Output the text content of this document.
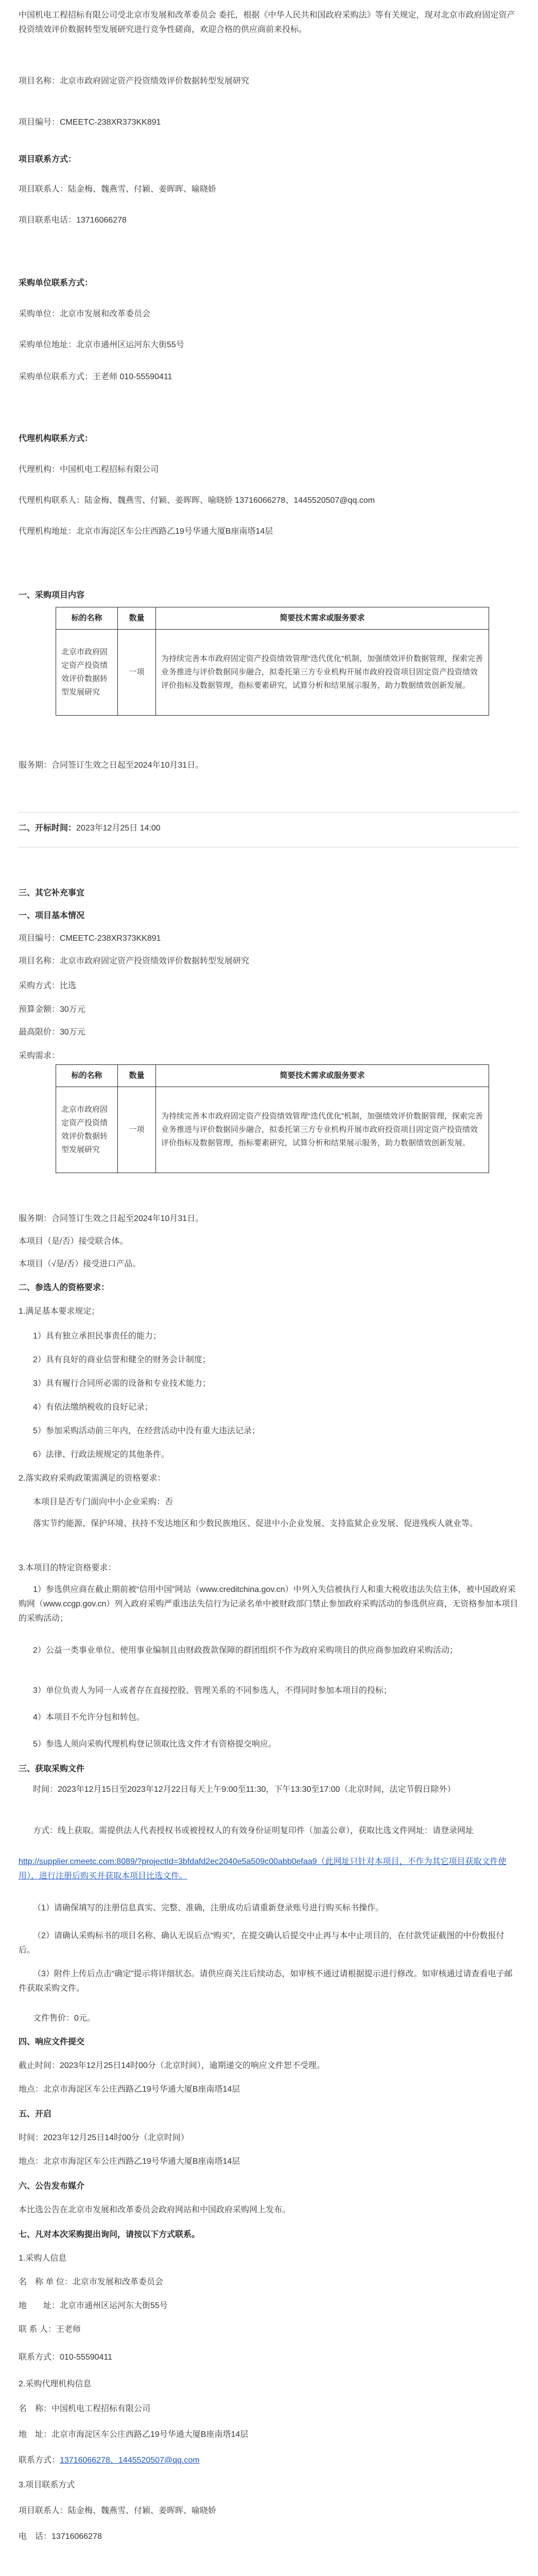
中国机电工程招标有限公司受北京市发展和改革委员会 委托，根据《中华人民共和国政府采购法》等有关规定，现对北京市政府固定资产投资绩效评价数据转型发展研究进行竞争性磋商，欢迎合格的供应商前来投标。
项目名称：北京市政府固定资产投资绩效评价数据转型发展研究
项目编号：CMEETC-238XR373KK891
项目联系方式：
项目联系人：陆金梅、魏燕雪、付颖、姜晖晖、喻晓娇
项目联系电话：13716066278
采购单位联系方式：
采购单位：北京市发展和改革委员会
采购单位地址：北京市通州区运河东大街55号
采购单位联系方式：王老师 010-55590411
代理机构联系方式：
代理机构：中国机电工程招标有限公司
代理机构联系人：陆金梅、魏燕雪、付颖、姜晖晖、喻晓娇 13716066278、1445520507@qq.com
代理机构地址：北京市海淀区车公庄西路乙19号华通大厦B座南塔14层
一、采购项目内容
标的名称	数量	简要技术需求或服务要求
北京市政府固定资产投资绩效评价数据转型发展研究	一项	为持续完善本市政府固定资产投资绩效管理“迭代优化”机制，加强绩效评价数据管理，探索完善业务推进与评价数据同步融合，拟委托第三方专业机构开展市政府投资项目固定资产投资绩效评价指标及数据管理，指标要素研究，试算分析和结果展示服务，助力数据绩效创新发展。
服务期：合同签订生效之日起至2024年10月31日。
二、开标时间：2023年12月25日 14:00
三、其它补充事宜
一、项目基本情况
项目编号：CMEETC-238XR373KK891
项目名称：北京市政府固定资产投资绩效评价数据转型发展研究
采购方式：比选
预算金额：30万元
最高限价：30万元
采购需求：
标的名称	数量	简要技术需求或服务要求
北京市政府固定资产投资绩效评价数据转型发展研究	一项	为持续完善本市政府固定资产投资绩效管理“迭代优化”机制，加强绩效评价数据管理，探索完善业务推进与评价数据同步融合，拟委托第三方专业机构开展市政府投资项目固定资产投资绩效评价指标及数据管理，指标要素研究，试算分析和结果展示服务，助力数据绩效创新发展。
服务期：合同签订生效之日起至2024年10月31日。
本项目（是/否）接受联合体。
本项目（√是/否）接受进口产品。
二、参选人的资格要求：
1.满足基本要求规定；
1）具有独立承担民事责任的能力；
2）具有良好的商业信誉和健全的财务会计制度；
3）具有履行合同所必需的设备和专业技术能力；
4）有依法缴纳税收的良好记录；
5）参加采购活动前三年内，在经营活动中没有重大违法记录；
6）法律、行政法规规定的其他条件。
2.落实政府采购政策需满足的资格要求：
本项目是否专门面向中小企业采购：否
落实节约能源、保护环境、扶持不发达地区和少数民族地区、促进中小企业发展、支持监狱企业发展、促进残疾人就业等。
3.本项目的特定资格要求：
1）参选供应商在截止期前被“信用中国”网站（www.creditchina.gov.cn）中列入失信被执行人和重大税收违法失信主体，被中国政府采购网（www.ccgp.gov.cn）列入政府采购严重违法失信行为记录名单中被财政部门禁止参加政府采购活动的参选供应商，无资格参加本项目的采购活动；
2）公益一类事业单位、使用事业编制且由财政拨款保障的群团组织不作为政府采购项目的供应商参加政府采购活动；
3）单位负责人为同一人或者存在直接控股、管理关系的不同参选人，不得同时参加本项目的投标；
4）本项目不允许分包和转包。
5）参选人须向采购代理机构登记领取比选文件才有资格提交响应。
三、获取采购文件
时间：2023年12月15日至2023年12月22日每天上午9:00至11:30，下午13:30至17:00（北京时间，法定节假日除外）
方式：线上获取。需提供法人代表授权书或被授权人的有效身份证明复印件（加盖公章），获取比选文件网址：请登录网址
http://supplier.cmeetc.com:8089/?projectId=3bfdafd2ec2040e5a509c00abb0efaa9（此网址只针对本项目，不作为其它项目获取文件使用），进行注册后购买并获取本项目比选文件。
（1）请确保填写的注册信息真实、完整、准确，注册成功后请重新登录账号进行购买标书操作。
（2）请确认采购标书的项目名称、确认无误后点“购买”，在提交确认后提交中止再与本中止项目的，在付款凭证截图的中份数报付后。
（3）附件上传后点击“确定”提示将详细状态。请供应商关注后续动态，如审核不通过请根据提示进行修改。如审核通过请查看电子邮件获取采购文件。
文件售价：0元。
四、响应文件提交
截止时间：2023年12月25日14时00分（北京时间），逾期递交的响应文件恕不受理。
地点：北京市海淀区车公庄西路乙19号华通大厦B座南塔14层
五、开启
时间：2023年12月25日14时00分（北京时间）
地点：北京市海淀区车公庄西路乙19号华通大厦B座南塔14层
六、公告发布媒介
本比选公告在北京市发展和改革委员会政府网站和中国政府采购网上发布。
七、凡对本次采购提出询问，请按以下方式联系。
1.采购人信息
名　称 单 位：北京市发展和改革委员会
地　　址：北京市通州区运河东大街55号
联 系 人：王老师
联系方式：010-55590411
2.采购代理机构信息
名　称：中国机电工程招标有限公司
地　址：北京市海淀区车公庄西路乙19号华通大厦B座南塔14层
联系方式：13716066278、1445520507@qq.com
3.项目联系方式
项目联系人：陆金梅、魏燕雪、付颖、姜晖晖、喻晓娇
电　话：13716066278
